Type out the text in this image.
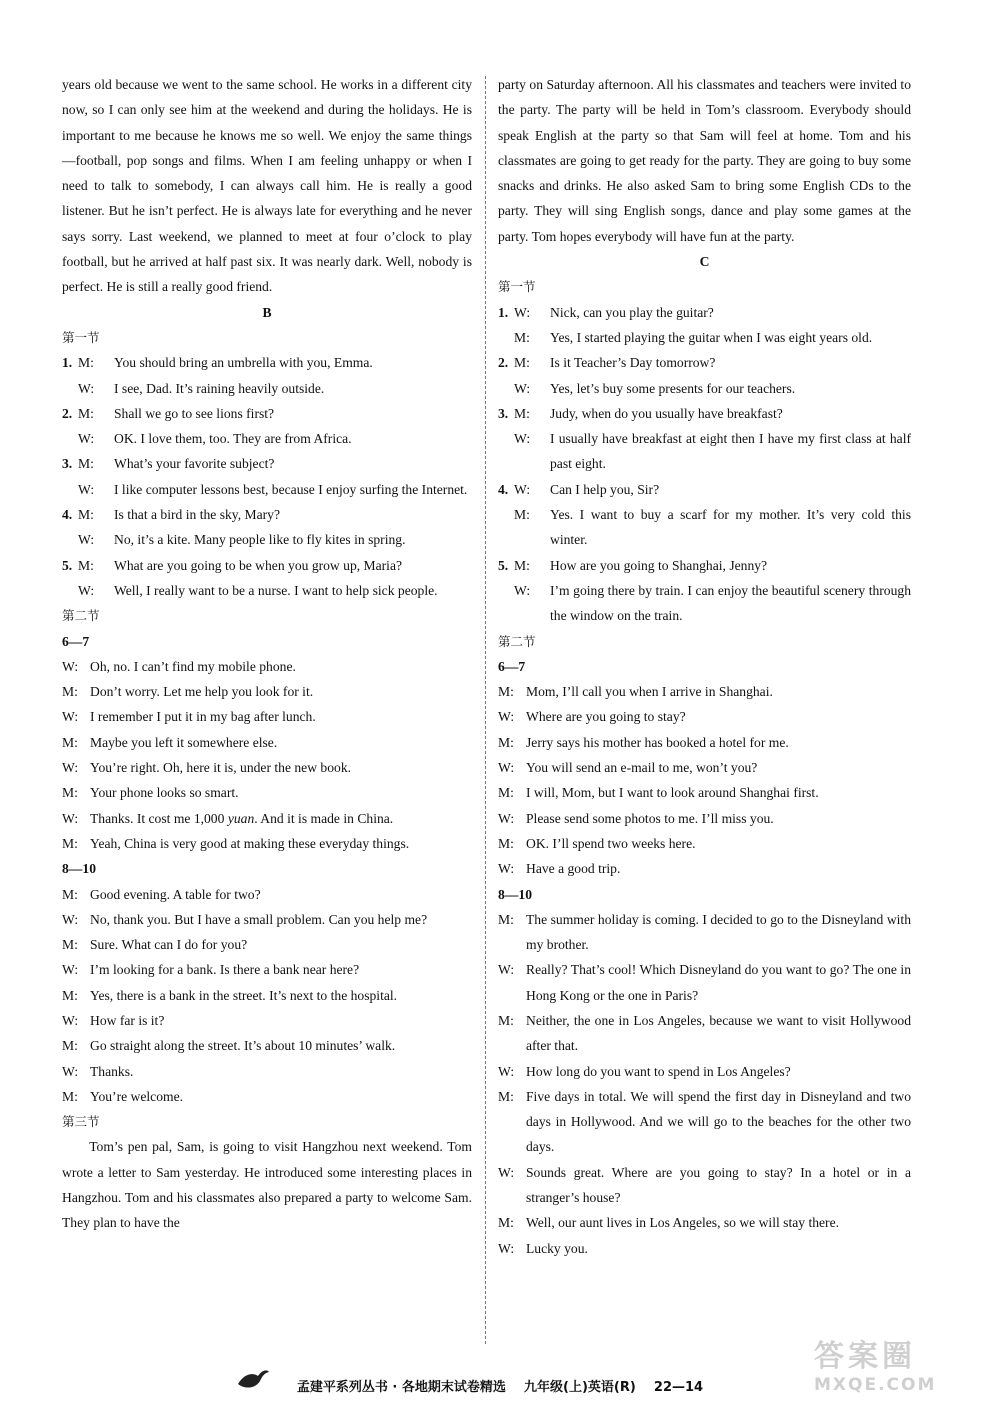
years old because we went to the same school. He works in a different city now, so I can only see him at the weekend and during the holidays. He is important to me because he knows me so well. We enjoy the same things—football, pop songs and films. When I am feeling unhappy or when I need to talk to somebody, I can always call him. He is really a good listener. But he isn’t perfect. He is always late for everything and he never says sorry. Last weekend, we planned to meet at four o’clock to play football, but he arrived at half past six. It was nearly dark. Well, nobody is perfect. He is still a really good friend.

B

第一节

1. M:	You should bring an umbrella with you, Emma.
W:	I see, Dad. It’s raining heavily outside.
2. M:	Shall we go to see lions first?
W:	OK. I love them, too. They are from Africa.
3. M:	What’s your favorite subject?
W:	I like computer lessons best, because I enjoy surfing the Internet.
4. M:	Is that a bird in the sky, Mary?
W:	No, it’s a kite. Many people like to fly kites in spring.
5. M:	What are you going to be when you grow up, Maria?
W:	Well, I really want to be a nurse. I want to help sick people.

第二节

6—7

W: Oh, no. I can’t find my mobile phone.
M: Don’t worry. Let me help you look for it.
W: I remember I put it in my bag after lunch.
M: Maybe you left it somewhere else.
W: You’re right. Oh, here it is, under the new book.
M: Your phone looks so smart.
W: Thanks. It cost me 1,000 yuan. And it is made in China.
M: Yeah, China is very good at making these everyday things.

8—10

M: Good evening. A table for two?
W: No, thank you. But I have a small problem. Can you help me?
M: Sure. What can I do for you?
W: I’m looking for a bank. Is there a bank near here?
M: Yes, there is a bank in the street. It’s next to the hospital.
W: How far is it?
M: Go straight along the street. It’s about 10 minutes’ walk.
W: Thanks.
M: You’re welcome.

第三节

Tom’s pen pal, Sam, is going to visit Hangzhou next weekend. Tom wrote a letter to Sam yesterday. He introduced some interesting places in Hangzhou. Tom and his classmates also prepared a party to welcome Sam. They plan to have the

party on Saturday afternoon. All his classmates and teachers were invited to the party. The party will be held in Tom’s classroom. Everybody should speak English at the party so that Sam will feel at home. Tom and his classmates are going to get ready for the party. They are going to buy some snacks and drinks. He also asked Sam to bring some English CDs to the party. They will sing English songs, dance and play some games at the party. Tom hopes everybody will have fun at the party.

C

第一节

1. W:	Nick, can you play the guitar?
M:	Yes, I started playing the guitar when I was eight years old.
2. M:	Is it Teacher’s Day tomorrow?
W:	Yes, let’s buy some presents for our teachers.
3. M:	Judy, when do you usually have breakfast?
W:	I usually have breakfast at eight then I have my first class at half past eight.
4. W:	Can I help you, Sir?
M:	Yes. I want to buy a scarf for my mother. It’s very cold this winter.
5. M:	How are you going to Shanghai, Jenny?
W:	I’m going there by train. I can enjoy the beautiful scenery through the window on the train.

第二节

6—7

M: Mom, I’ll call you when I arrive in Shanghai.
W: Where are you going to stay?
M: Jerry says his mother has booked a hotel for me.
W: You will send an e-mail to me, won’t you?
M: I will, Mom, but I want to look around Shanghai first.
W: Please send some photos to me. I’ll miss you.
M: OK. I’ll spend two weeks here.
W: Have a good trip.

8—10

M: The summer holiday is coming. I decided to go to the Disneyland with my brother.
W: Really? That’s cool! Which Disneyland do you want to go? The one in Hong Kong or the one in Paris?
M: Neither, the one in Los Angeles, because we want to visit Hollywood after that.
W: How long do you want to spend in Los Angeles?
M: Five days in total. We will spend the first day in Disneyland and two days in Hollywood. And we will go to the beaches for the other two days.
W: Sounds great. Where are you going to stay? In a hotel or in a stranger’s house?
M: Well, our aunt lives in Los Angeles, so we will stay there.
W: Lucky you.
孟建平系列丛书 · 各地期末试卷精选 九年级(上)英语(R) 22—14
答案圈
MXQE.COM
